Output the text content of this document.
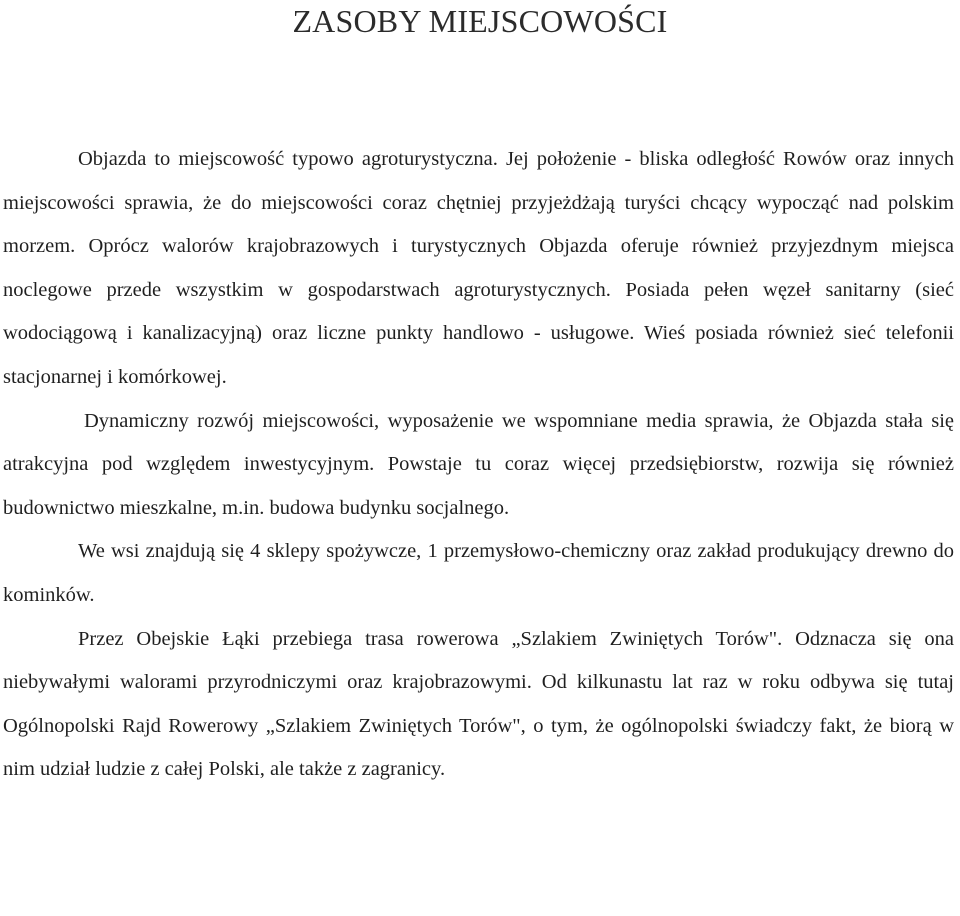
ZASOBY MIEJSCOWOŚCI

Objazda to miejscowość typowo agroturystyczna. Jej położenie - bliska odległość Rowów oraz innych miejscowości sprawia, że do miejscowości coraz chętniej przyjeżdżają turyści chcący wypocząć nad polskim morzem. Oprócz walorów krajobrazowych i turystycznych Objazda oferuje również przyjezdnym miejsca noclegowe przede wszystkim w gospodarstwach agroturystycznych. Posiada pełen węzeł sanitarny (sieć wodociągową i kanalizacyjną) oraz liczne punkty handlowo - usługowe. Wieś posiada również sieć telefonii stacjonarnej i komórkowej.

Dynamiczny rozwój miejscowości, wyposażenie we wspomniane media sprawia, że Objazda stała się atrakcyjna pod względem inwestycyjnym. Powstaje tu coraz więcej przedsiębiorstw, rozwija się również budownictwo mieszkalne, m.in. budowa budynku socjalnego.

We wsi znajdują się 4 sklepy spożywcze, 1 przemysłowo-chemiczny oraz zakład produkujący drewno do kominków.

Przez Obejskie Łąki przebiega trasa rowerowa „Szlakiem Zwiniętych Torów". Odznacza się ona niebywałymi walorami przyrodniczymi oraz krajobrazowymi. Od kilkunastu lat raz w roku odbywa się tutaj Ogólnopolski Rajd Rowerowy „Szlakiem Zwiniętych Torów", o tym, że ogólnopolski świadczy fakt, że biorą w nim udział ludzie z całej Polski, ale także z zagranicy.
